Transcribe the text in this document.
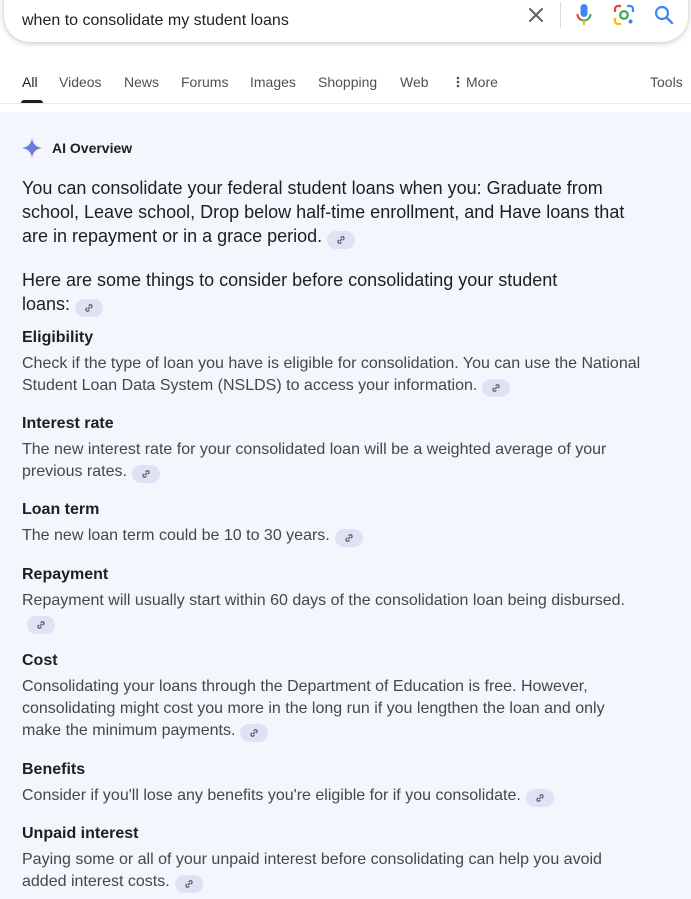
when to consolidate my student loans
All Videos News Forums Images Shopping Web	More	Tools
AI Overview
You can consolidate your federal student loans when you: Graduate from school, Leave school, Drop below half-time enrollment, and Have loans that are in repayment or in a grace period.
Here are some things to consider before consolidating your student loans:
Eligibility
Check if the type of loan you have is eligible for consolidation. You can use the National Student Loan Data System (NSLDS) to access your information.
Interest rate
The new interest rate for your consolidated loan will be a weighted average of your previous rates.
Loan term
The new loan term could be 10 to 30 years.
Repayment
Repayment will usually start within 60 days of the consolidation loan being disbursed.
Cost
Consolidating your loans through the Department of Education is free. However, consolidating might cost you more in the long run if you lengthen the loan and only make the minimum payments.
Benefits
Consider if you'll lose any benefits you're eligible for if you consolidate.
Unpaid interest
Paying some or all of your unpaid interest before consolidating can help you avoid added interest costs.
